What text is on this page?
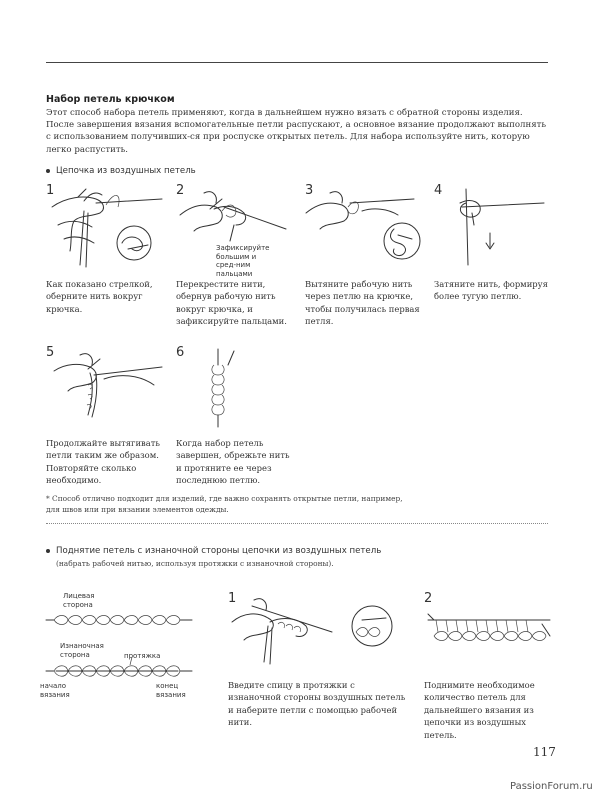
Набор петель крючком
Этот способ набора петель применяют, когда в дальнейшем нужно вязать с обратной стороны изделия. После завершения вязания вспомогательные петли распускают, а основное вязание продолжают выполнять с использованием получивших-ся при роспуске открытых петель. Для набора используйте нить, которую легко распустить.
Цепочка из воздушных петель
1
Как показано стрелкой, оберните нить вокруг крючка.
2
Зафиксируйте большим и сред-ним пальцами
Перекрестите нити, обернув рабочую нить вокруг крючка, и зафиксируйте пальцами.
3
Вытяните рабочую нить через петлю на крючке, чтобы получилась первая петля.
4
Затяните нить, формируя более тугую петлю.
5
Продолжайте вытягивать петли таким же образом. Повторяйте сколько необходимо.
6
Когда набор петель завершен, обрежьте нить и протяните ее через последнюю петлю.
* Способ отлично подходит для изделий, где важно сохранять открытые петли, например, для швов или при вязании элементов одежды.
Поднятие петель с изнаночной стороны цепочки из воздушных петель
(набрать рабочей нитью, используя протяжки с изнаночной стороны).
Лицевая сторона
Изнаночная сторона	протяжка
начало вязания
конец вязания
1
Введите спицу в протяжки с изнаночной стороны воздушных петель и наберите петли с помощью рабочей нити.
2
Поднимите необходимое количество петель для дальнейшего вязания из цепочки из воздушных петель.
117
PassionForum.ru
